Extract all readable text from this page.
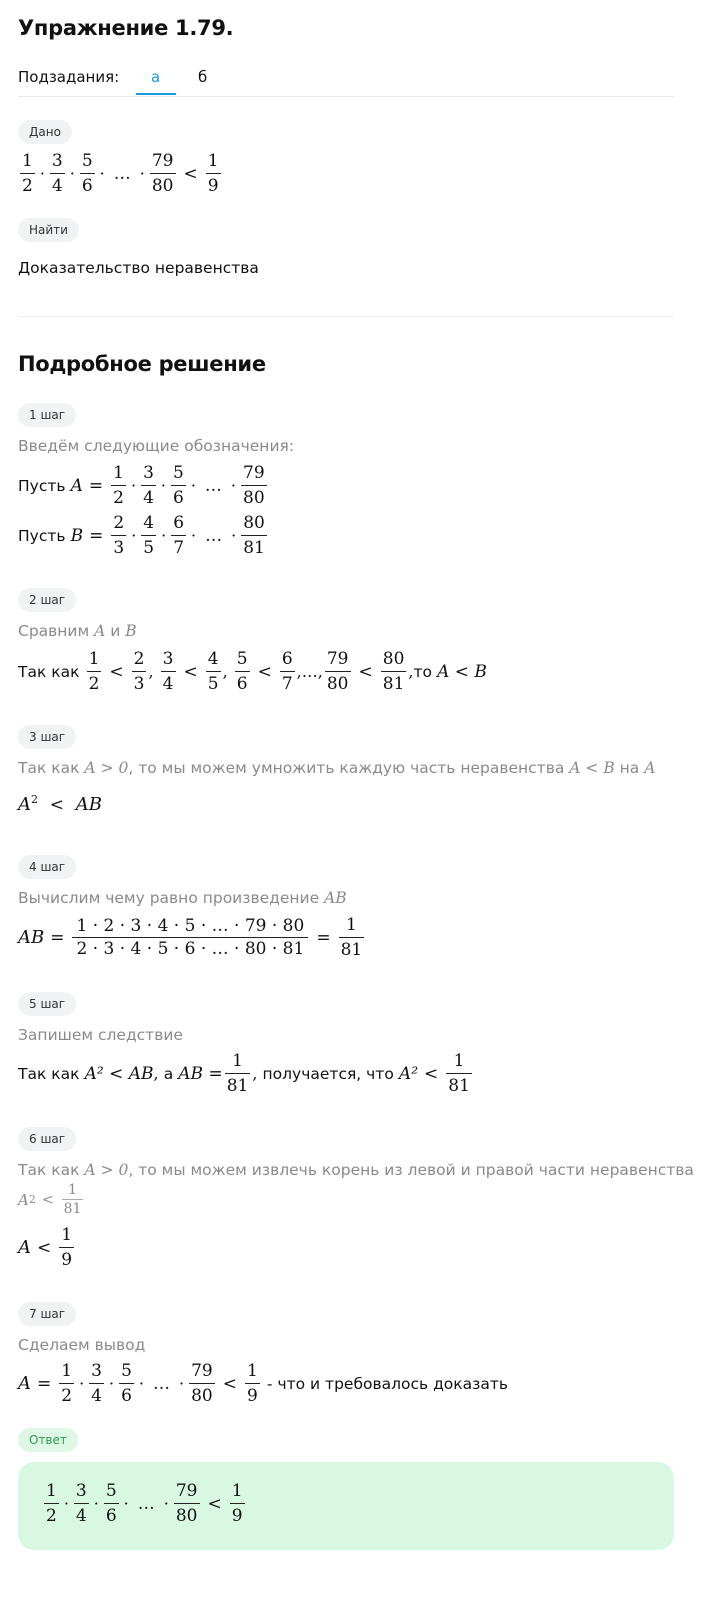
Упражнение 1.79.
Подзадания: а	б
Дано
$\frac{1}{2} \cdot \frac{3}{4} \cdot \frac{5}{6}$ · … · $\frac{79}{80} < \frac{1}{9}$
Найти
Доказательство неравенства
Подробное решение
1 шаг
Введём следующие обозначения:
Пусть
$A = \frac{1}{2} \cdot \frac{3}{4} \cdot \frac{5}{6}$ · … · $\frac{79}{80}$
Пусть
$B = \frac{2}{3} \cdot \frac{4}{5} \cdot \frac{6}{7}$ · … · $\frac{80}{81}$
2 шаг
Сравним A и B
Так как
$\frac{1}{2} < \frac{2}{3}$ ,
$\frac{3}{4} < \frac{4}{5}$ ,
$\frac{5}{6} < \frac{6}{7}$ , … , $\frac{79}{80} < \frac{80}{81}$ , то
A < B
3 шаг
Так как A > 0, то мы можем умножить каждую часть неравенства A < B на A
$A^2$ < AB
4 шаг
Вычислим чему равно произведение AB
AB = $\frac{1 \cdot 2 \cdot 3 \cdot 4 \cdot 5 \cdot \dots \cdot 79 \cdot 80}{2 \cdot 3 \cdot 4 \cdot 5 \cdot 6 \cdot \dots \cdot 80 \cdot 81} = \frac{1}{81}$
5 шаг
Запишем следствие
Так как
A² < AB ,
а
AB = $\frac{1}{81}$ ,
получается, что
$A^2 < \frac{1}{81}$
6 шаг
Так как A > 0, то мы можем извлечь корень из левой и правой части неравенства
A $2 < \frac{1}{81}$
$A < \frac{1}{9}$
7 шаг
Сделаем вывод
$A = \frac{1}{2} \cdot \frac{3}{4} \cdot \frac{5}{6}$ · … · $\frac{79}{80} < \frac{1}{9}$
- что и требовалось доказать
Ответ
$\frac{1}{2} \cdot \frac{3}{4} \cdot \frac{5}{6}$ · … · $\frac{79}{80} < \frac{1}{9}$
